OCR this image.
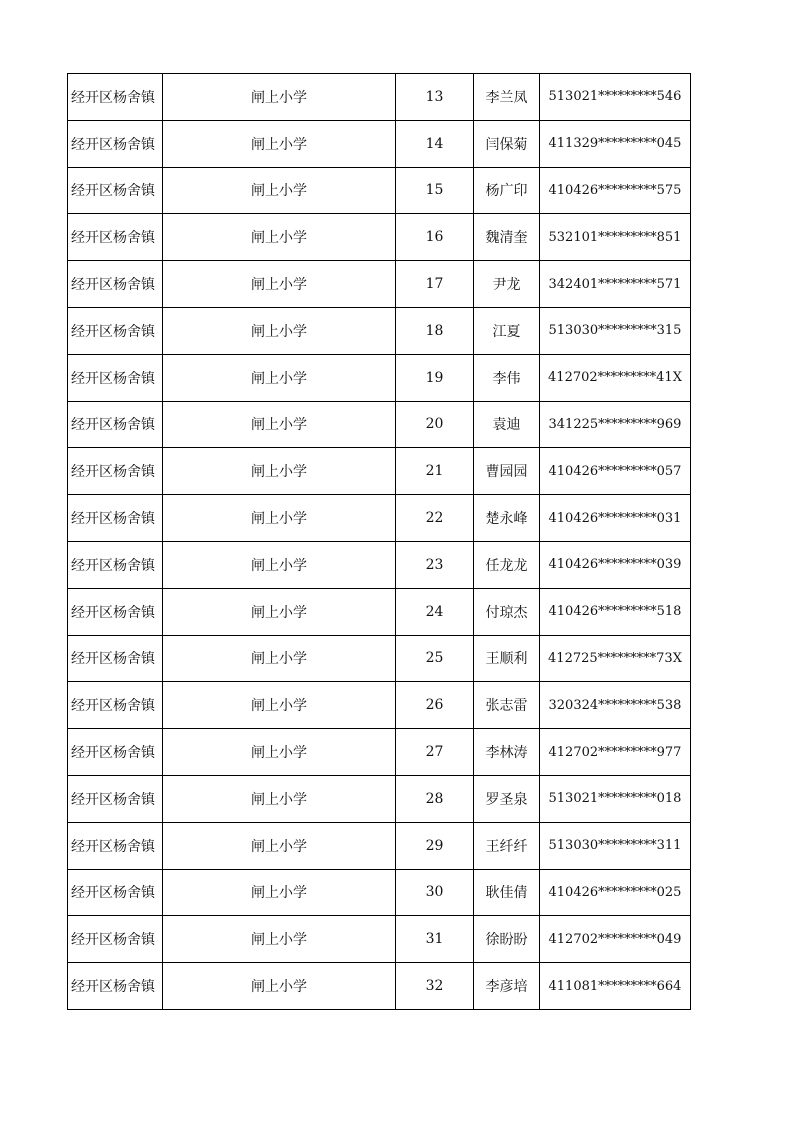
经开区杨舍镇	闸上小学	13	李兰凤	513021*********546
经开区杨舍镇	闸上小学	14	闫保菊	411329*********045
经开区杨舍镇	闸上小学	15	杨广印	410426*********575
经开区杨舍镇	闸上小学	16	魏清奎	532101*********851
经开区杨舍镇	闸上小学	17	尹龙	342401*********571
经开区杨舍镇	闸上小学	18	江夏	513030*********315
经开区杨舍镇	闸上小学	19	李伟	412702*********41X
经开区杨舍镇	闸上小学	20	袁迪	341225*********969
经开区杨舍镇	闸上小学	21	曹园园	410426*********057
经开区杨舍镇	闸上小学	22	楚永峰	410426*********031
经开区杨舍镇	闸上小学	23	任龙龙	410426*********039
经开区杨舍镇	闸上小学	24	付琼杰	410426*********518
经开区杨舍镇	闸上小学	25	王顺利	412725*********73X
经开区杨舍镇	闸上小学	26	张志雷	320324*********538
经开区杨舍镇	闸上小学	27	李林涛	412702*********977
经开区杨舍镇	闸上小学	28	罗圣泉	513021*********018
经开区杨舍镇	闸上小学	29	王纤纤	513030*********311
经开区杨舍镇	闸上小学	30	耿佳倩	410426*********025
经开区杨舍镇	闸上小学	31	徐盼盼	412702*********049
经开区杨舍镇	闸上小学	32	李彦培	411081*********664
